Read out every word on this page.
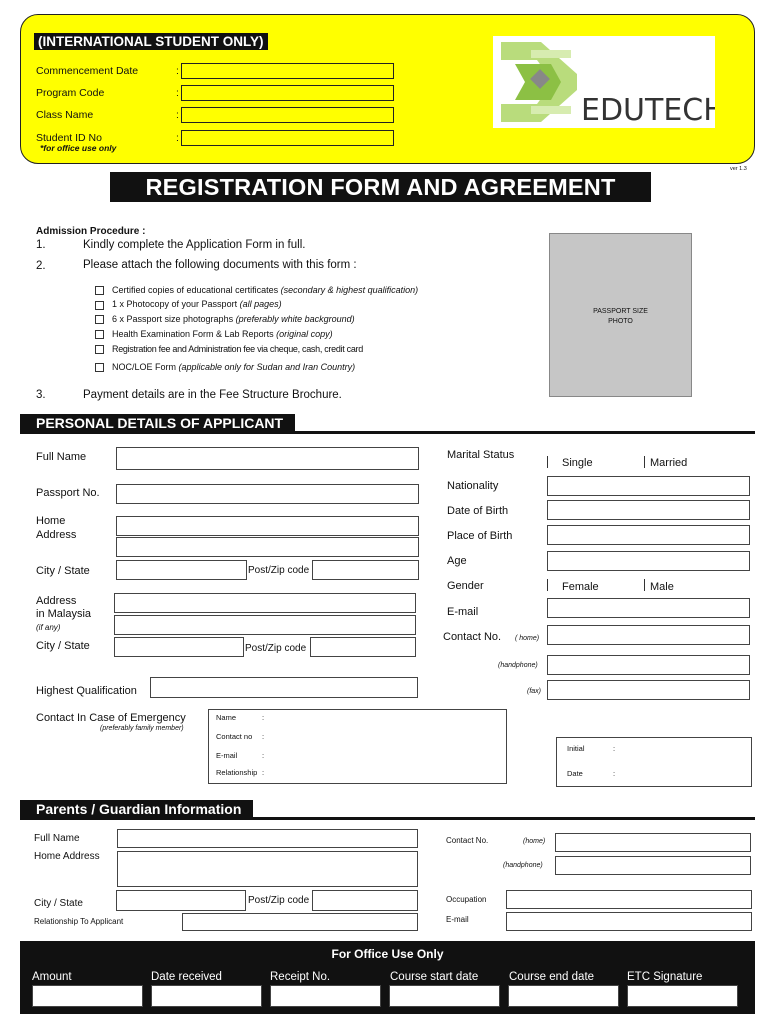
(INTERNATIONAL STUDENT ONLY)
Commencement Date	:
Program Code	:
Class Name	:
Student ID No	:
*for office use only
EDUTECH
ver 1.3
REGISTRATION FORM AND AGREEMENT
Admission Procedure :
1.	Kindly complete the Application Form in full.
2.	Please attach the following documents with this form :
Certified copies of educational certificates (secondary & highest qualification)
1 x Photocopy of your Passport (all pages)
6 x Passport size photographs (preferably white background)
Health Examination Form & Lab Reports (original copy)
Registration fee and Administration fee via cheque, cash, credit card
NOC/LOE Form (applicable only for Sudan and Iran Country)
3.	Payment details are in the Fee Structure Brochure.
PASSPORT SIZE
PHOTO
PERSONAL DETAILS OF APPLICANT
Full Name
Passport No.
Home
Address
City / State	Post/Zip code
Address
in Malaysia
(if any)
City / State	Post/Zip code
Highest Qualification
Contact In Case of Emergency
(preferably family member)
Name	:
Contact no :
E-mail	:
Relationship :
Marital Status
Single	Married
Nationality
Date of Birth
Place of Birth
Age
Gender	Female	Male
E-mail
Contact No. ( home)
(handphone)
(fax)
Initial	:
Date	:
Parents / Guardian Information
Full Name
Home Address
City / State	Post/Zip code
Relationship To Applicant
Contact No.	(home)
(handphone)
Occupation
E-mail
For Office Use Only
Amount	Date received	Receipt No.	Course start date	Course end date	ETC Signature
